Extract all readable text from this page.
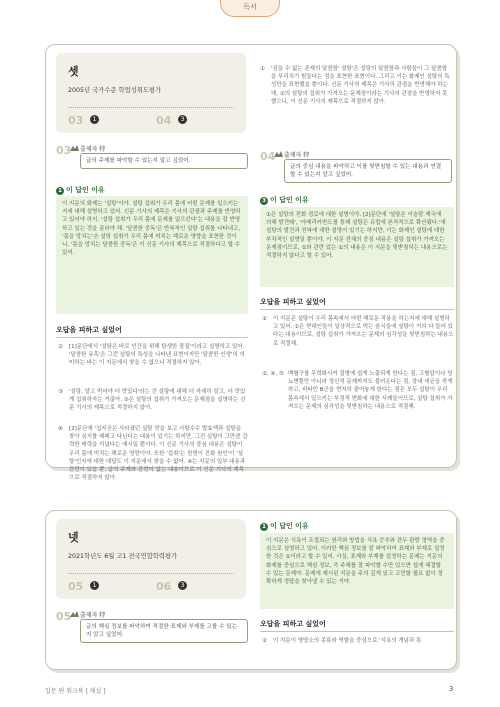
독서
셋
2005년 국가수준 학업성취도평가
03	1	04	3
03 출제자 特
글의 주제를 파악할 수 있는지 알고 싶었어.
1 이 답인 이유
이 지문의 화제는 '설탕'이야. 설탕 섭취가 우리 몸에 어떤 문제를 일으키는지에 대해 설명하고 있어. 신문 기사의 제목은 기사의 관점과 주제를 반영하고 있어야 하지. '설탕 섭취가 우리 몸에 문제를 일으킨다'는 내용을 잘 반영하고 있는 것을 골라야 해. '달콤한 중독'은 반복적인 설탕 섭취를 나타내고, '몸을 망치는'은 설탕 섭취가 우리 몸에 미치는 해로운 영향을 표현한 것이니, '몸을 망치는 달콤한 중독'은 이 신문 기사의 제목으로 적절하다고 할 수 있어.
오답을 피하고 싶었어
② [1]문단에서 '설탕은 바로 인간을 위해 탄생한 물질'이라고 설명하고 있어. '달콤한 유혹'은 그런 설탕의 특성을 나타낸 표현이지만 '달콤한 인생'의 의미하는 바는 이 지문에서 찾을 수 없으니 적절하지 않아.
③ '설탕, 알고 먹어야 더 맛있다'라는 건 설탕에 대해 더 자세히 알고, 더 맛있게 섭취하자는 거잖아. ③은 설탕의 섭취가 가져오는 문제점을 설명하는 신문 기사의 제목으로 적절하지 않아.
④ [2]문단에 '섭지공은 사라졌던 설탕 맛을 보고 사탕수수 발효액과 설탕을 찾아 심지를 헤매고 다닌다는 내용이 있기는 하지만, 그건 설탕이 그만큼 강력한 매력을 지녔다는 예시일 뿐이다. 이 신문 기사의 중심 내용은 설탕이 우리 몸에 미치는 해로운 영향이야. 또한 '섭취'는 천명이 진화 원인'이 '설탕'인지에 대한 대답도 이 지문에서 찾을 수 없어. ④는 지문의 일부 내용과 관련이 있을 뿐, 글의 주제와 관련이 없는 내용이므로 이 신문 기사의 제목으로 적절하지 않아.
① '잠을 수 없는 존재의 달콤함' 설탕'은 설탕의 달콤함과 사람들이 그 달콤함을 부리치기 힘들다는 점을 표현한 표현이다. 그리고 이는 화제인 설탕의 특성만을 표현했을 뿐이다. 신문 기사의 제목은 기사의 관점을 반영해야 하는데, ①의 설탕의 섭취가 가져오는 문제점이라는 기사의 관점을 반영하지 못했으니, 이 신문 기사의 제목으로 적절하지 않아.
04 출제자 特
글의 중심 내용을 파악하고 이를 뒷받침할 수 있는 내용과 연결할 수 있는지 알고 싶었어.
3 이 답인 이유
①은 설탕의 전화 경로에 대한 설명이야. [2]문단에 '설탕은 이슬람 제국에 의해 발견돼', '아메리카반도를 통해 설탕은 유럽에 본격적으로 확산됐다.'에 설탕의 발견과 전파에 대한 설명이 있기는 하지만, 이는 화제인 설탕에 대한 부차적인 설명일 뿐이야. 이 지문 전체의 중심 내용은 설탕 섭취가 가져오는 문제점이므로, ①와 관련 있는 ①의 내용은 이 지문을 뒷받침하는 내용으로는 적절하지 않다고 할 수 있어.
오답을 피하고 싶었어
① 이 지문은 설탕이 우리 몸속에서 어떤 해로운 작용을 하는지에 대해 설명하고 있어. ①은 현대인들이 일상적으로 먹는 음식들에 설탕이 거의 다 들어 있다는 내용이므로, 설탕 섭취가 가져오는 문제의 심각성을 뒷받침하는 내용으로 적절해.
②, ④, ⑤ 백혈구를 무력화시켜 질병에 쉽게 노출되게 한다는 점, 고혈압이나 당뇨병뿐만 아니라 정신적 문제까지도 불러온다는 점, 장내 세균을 죽게 하고, 비타민 B군을 현저히 줄여놓게 한다는 점은 모두 설탕이 우리 몸속에서 일으키는 부정적 변화에 대한 사례들이므로, 설탕 섭취가 가져오는 문제의 심각성을 뒷받침하는 내용으로 적절해.
넷
2021학년도 6월 고1 전국연합학력평가
05	1	06	3
05 출제자 特
글의 핵심 정보를 파악하여 적절한 표제와 부제를 고를 수 있는지 알고 싶었어.
1 이 답인 이유
이 지문은 식욕이 조절되는 원리와 방법을 식욕 증추와 관두 판랑 영역을 중심으로 설명하고 있어. 이러한 핵심 정보를 잘 파악하여 표제와 부제로 설정한 것은 ①이라고 할 수 있어. 사실, 표제와 부제를 설정하는 문제는 지문의 화제를 중심으로 핵심 정보, 즉 주제를 잘 파악할 수만 있으면 쉽게 해결할 수 있는 문제야. 문제에 제시된 지문을 주의 깊게 읽고 고민할 필요 없이 정확하게 정답을 찾아낼 수 있는 거야.
오답을 피하고 싶었어
② 이 지문이 영양소의 종류와 역할을 중심으로 '식욕의 개념과 특
입문 편 워크북 [ 해설 ]	3
